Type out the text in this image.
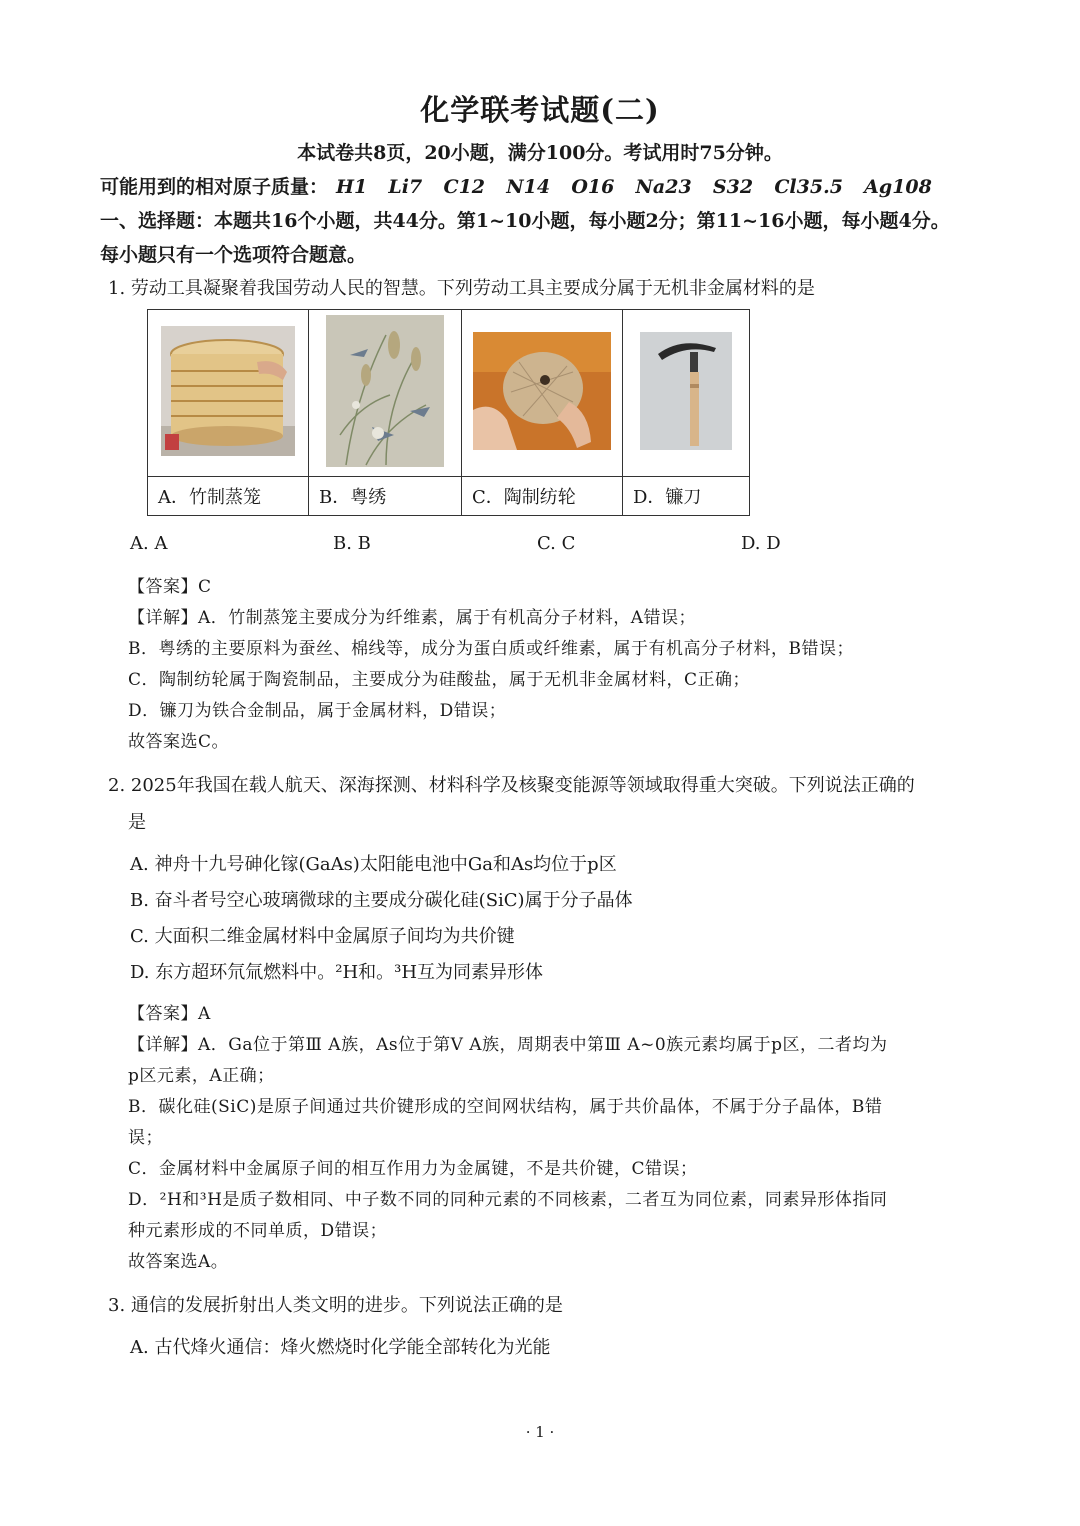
化学联考试题(二)
本试卷共8页，20小题，满分100分。考试用时75分钟。
可能用到的相对原子质量： H1 Li7 C12 N14 O16 Na23 S32 Cl35.5 Ag108
一、选择题：本题共16个小题，共44分。第1~10小题，每小题2分；第11~16小题，每小题4分。
每小题只有一个选项符合题意。
1. 劳动工具凝聚着我国劳动人民的智慧。下列劳动工具主要成分属于无机非金属材料的是

A．竹制蒸笼	B．粤绣	C．陶制纺轮	D．镰刀
A. A	B. B	C. C	D. D
【答案】C
【详解】A．竹制蒸笼主要成分为纤维素，属于有机高分子材料，A错误；
B．粤绣的主要原料为蚕丝、棉线等，成分为蛋白质或纤维素，属于有机高分子材料，B错误；
C．陶制纺轮属于陶瓷制品，主要成分为硅酸盐，属于无机非金属材料，C正确；
D．镰刀为铁合金制品，属于金属材料，D错误；
故答案选C。
2. 2025年我国在载人航天、深海探测、材料科学及核聚变能源等领域取得重大突破。下列说法正确的
是
A. 神舟十九号砷化镓(GaAs)太阳能电池中Ga和As均位于p区
B. 奋斗者号空心玻璃微球的主要成分碳化硅(SiC)属于分子晶体
C. 大面积二维金属材料中金属原子间均为共价键
D. 东方超环氘氚燃料中。²H和。³H互为同素异形体
【答案】A
【详解】A．Ga位于第Ⅲ A族，As位于第Ⅴ A族，周期表中第Ⅲ A~0族元素均属于p区，二者均为
p区元素，A正确；
B．碳化硅(SiC)是原子间通过共价键形成的空间网状结构，属于共价晶体，不属于分子晶体，B错
误；
C．金属材料中金属原子间的相互作用力为金属键，不是共价键，C错误；
D．²H和³H是质子数相同、中子数不同的同种元素的不同核素，二者互为同位素，同素异形体指同
种元素形成的不同单质，D错误；
故答案选A。
3. 通信的发展折射出人类文明的进步。下列说法正确的是
A. 古代烽火通信：烽火燃烧时化学能全部转化为光能
· 1 ·
